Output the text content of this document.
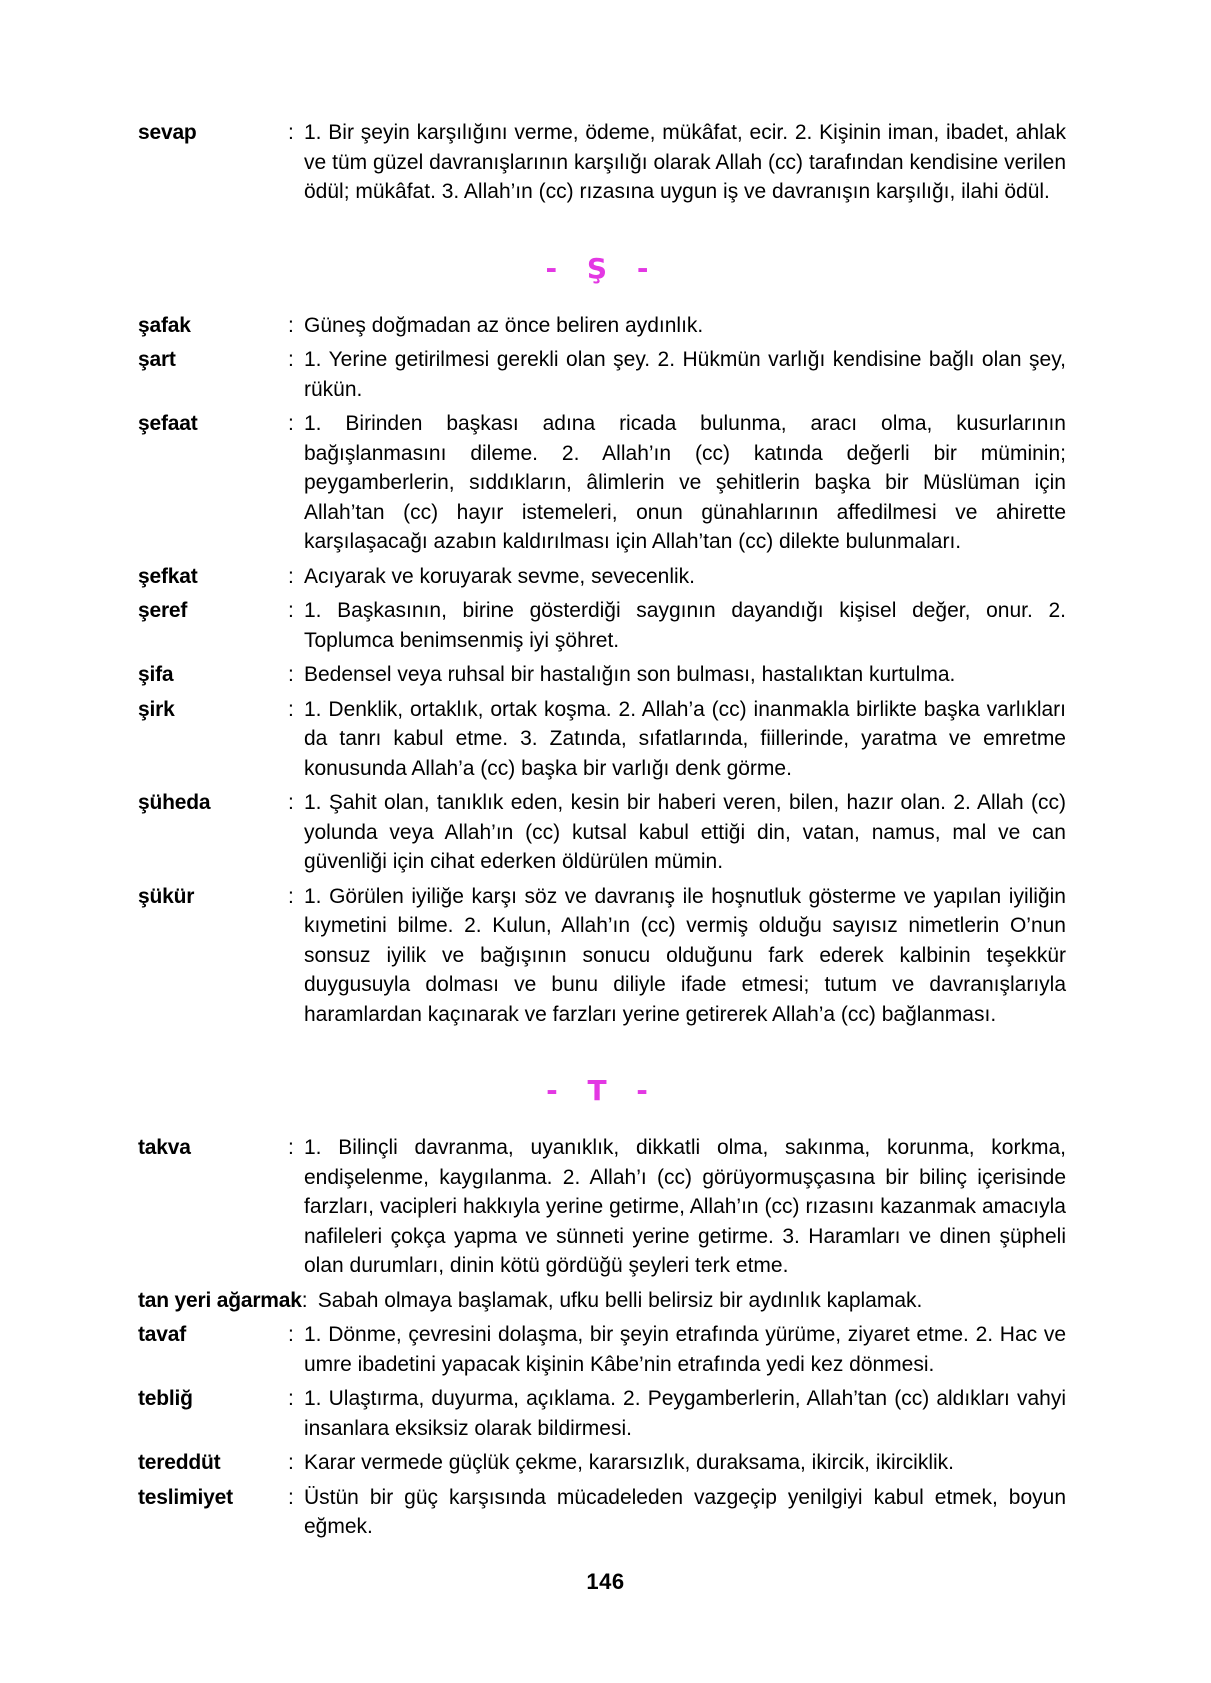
sevap	: 1. Bir şeyin karşılığını verme, ödeme, mükâfat, ecir. 2. Kişinin iman, ibadet, ahlak ve tüm güzel davranışlarının karşılığı olarak Allah (cc) tarafından kendisine verilen ödül; mükâfat. 3. Allah’ın (cc) rızasına uygun iş ve davranışın karşılığı, ilahi ödül.
- Ş -
şafak	: Güneş doğmadan az önce beliren aydınlık.
şart	: 1. Yerine getirilmesi gerekli olan şey. 2. Hükmün varlığı kendisine bağlı olan şey, rükün.
şefaat	: 1. Birinden başkası adına ricada bulunma, aracı olma, kusurlarının bağışlanmasını dileme. 2. Allah’ın (cc) katında değerli bir müminin; peygamberlerin, sıddıkların, âlimlerin ve şehitlerin başka bir Müslüman için Allah’tan (cc) hayır istemeleri, onun günahlarının affedilmesi ve ahirette karşılaşacağı azabın kaldırılması için Allah’tan (cc) dilekte bulunmaları.
şefkat	: Acıyarak ve koruyarak sevme, sevecenlik.
şeref	: 1. Başkasının, birine gösterdiği saygının dayandığı kişisel değer, onur. 2. Toplumca benimsenmiş iyi şöhret.
şifa	: Bedensel veya ruhsal bir hastalığın son bulması, hastalıktan kurtulma.
şirk	: 1. Denklik, ortaklık, ortak koşma. 2. Allah’a (cc) inanmakla birlikte başka varlıkları da tanrı kabul etme. 3. Zatında, sıfatlarında, fiillerinde, yaratma ve emretme konusunda Allah’a (cc) başka bir varlığı denk görme.
şüheda	: 1. Şahit olan, tanıklık eden, kesin bir haberi veren, bilen, hazır olan. 2. Allah (cc) yolunda veya Allah’ın (cc) kutsal kabul ettiği din, vatan, namus, mal ve can güvenliği için cihat ederken öldürülen mümin.
şükür	: 1. Görülen iyiliğe karşı söz ve davranış ile hoşnutluk gösterme ve yapılan iyiliğin kıymetini bilme. 2. Kulun, Allah’ın (cc) vermiş olduğu sayısız nimetlerin O’nun sonsuz iyilik ve bağışının sonucu olduğunu fark ederek kalbinin teşekkür duygusuyla dolması ve bunu diliyle ifade etmesi; tutum ve davranışlarıyla haramlardan kaçınarak ve farzları yerine getirerek Allah’a (cc) bağlanması.
- T -
takva	: 1. Bilinçli davranma, uyanıklık, dikkatli olma, sakınma, korunma, korkma, endişelenme, kaygılanma. 2. Allah’ı (cc) görüyormuşçasına bir bilinç içerisinde farzları, vacipleri hakkıyla yerine getirme, Allah’ın (cc) rızasını kazanmak amacıyla nafileleri çokça yapma ve sünneti yerine getirme. 3. Haramları ve dinen şüpheli olan durumları, dinin kötü gördüğü şeyleri terk etme.
tan yeri ağarmak : Sabah olmaya başlamak, ufku belli belirsiz bir aydınlık kaplamak.
tavaf	: 1. Dönme, çevresini dolaşma, bir şeyin etrafında yürüme, ziyaret etme. 2. Hac ve umre ibadetini yapacak kişinin Kâbe’nin etrafında yedi kez dönmesi.
tebliğ	: 1. Ulaştırma, duyurma, açıklama. 2. Peygamberlerin, Allah’tan (cc) aldıkları vahyi insanlara eksiksiz olarak bildirmesi.
tereddüt	: Karar vermede güçlük çekme, kararsızlık, duraksama, ikircik, ikirciklik.
teslimiyet	: Üstün bir güç karşısında mücadeleden vazgeçip yenilgiyi kabul etmek, boyun eğmek.
146
